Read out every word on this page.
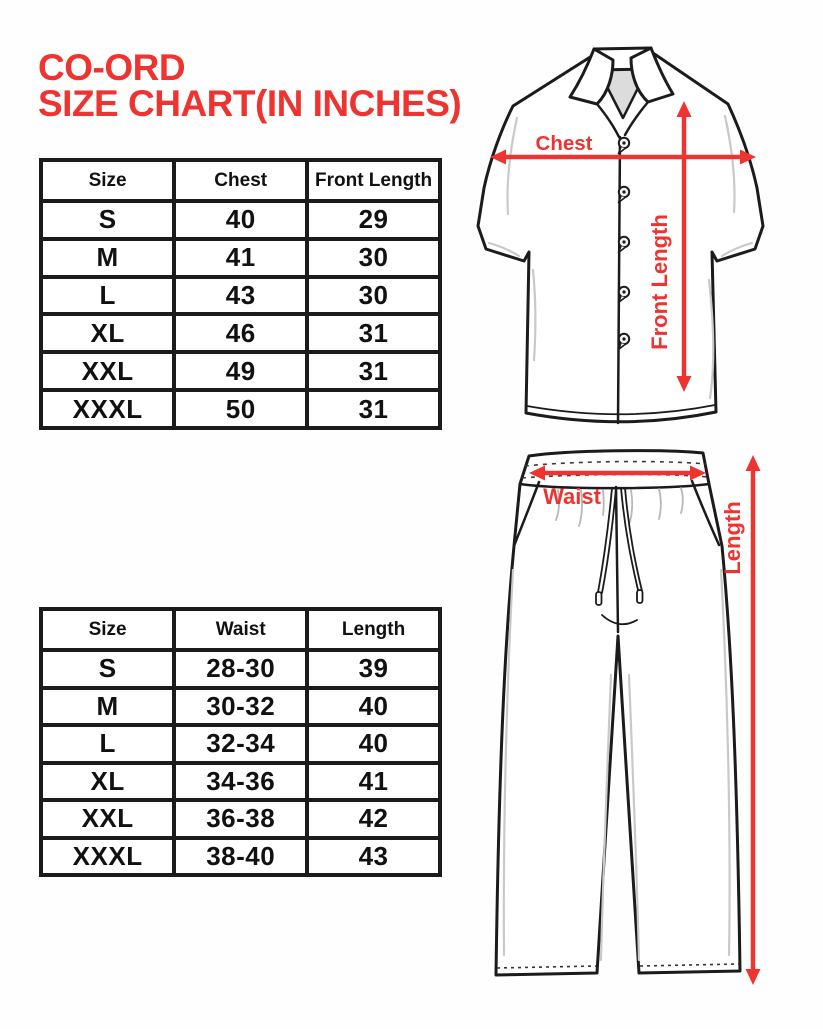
CO-ORD
SIZE CHART(IN INCHES)
Size	Chest	Front Length
S	40	29
M	41	30
L	43	30
XL	46	31
XXL	49	31
XXXL	50	31
Size	Waist	Length
S	28-30	39
M	30-32	40
L	32-34	40
XL	34-36	41
XXL	36-38	42
XXXL	38-40	43
Chest
Front Length
Waist
Length
